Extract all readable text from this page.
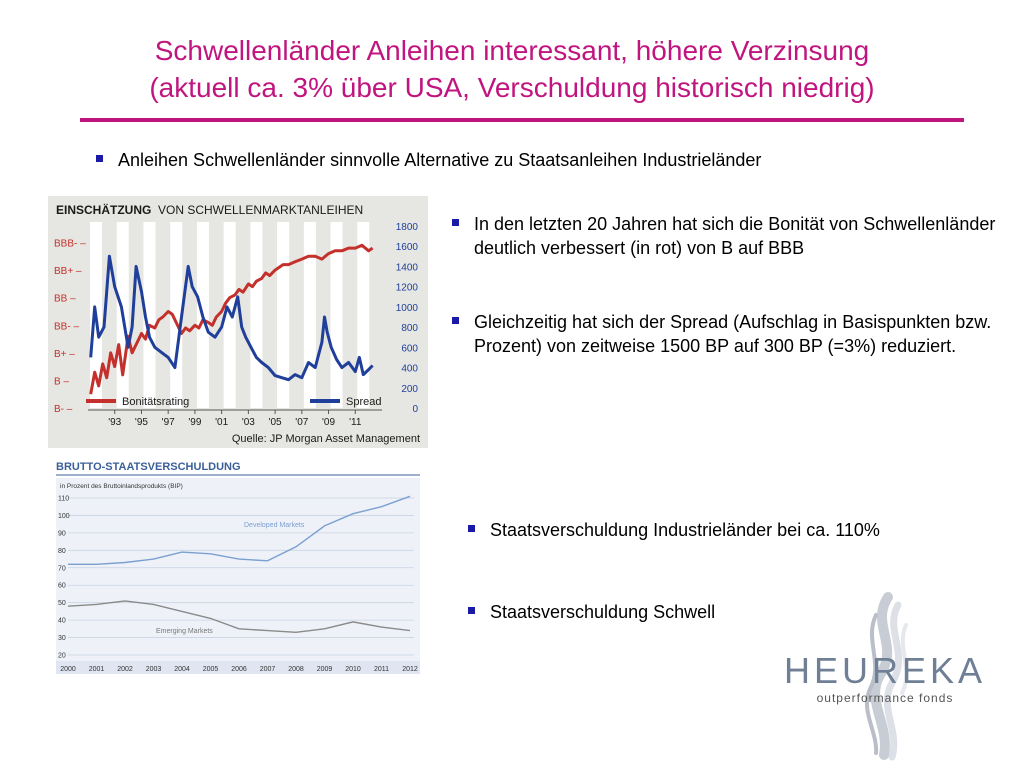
Schwellenländer Anleihen interessant, höhere Verzinsung
(aktuell ca. 3% über USA, Verschuldung historisch niedrig)
Anleihen Schwellenländer sinnvolle Alternative zu Staatsanleihen Industrieländer
In den letzten 20 Jahren hat sich die Bonität von Schwellenländer deutlich verbessert (in rot) von B auf BBB
Gleichzeitig hat sich der Spread (Aufschlag in Basispunkten bzw. Prozent) von zeitweise 1500 BP auf 300 BP (=3%) reduziert.
Staatsverschuldung Industrieländer bei ca. 110%
Staatsverschuldung Schwell
EINSCHÄTZUNG VON SCHWELLENMARKTANLEIHEN
BBB- –
BB+ –
BB –
BB- –
B+ –
B –
B- –
1800
1600
1400
1200
1000
800
600
400
200
0
'93 '95 '97 '99 '01 '03 '05 '07 '09 '11
Bonitätsrating	Spread
Quelle: JP Morgan Asset Management
BRUTTO-STAATSVERSCHULDUNG
in Prozent des Bruttoinlandsprodukts (BIP)
20
30
40
50
60
70
80
90
100
110
2000 2001 2002 2003 2004 2005 2006 2007 2008 2009 2010 2011 2012
Developed Markets
Emerging Markets
HEUREKA
outperformance fonds
